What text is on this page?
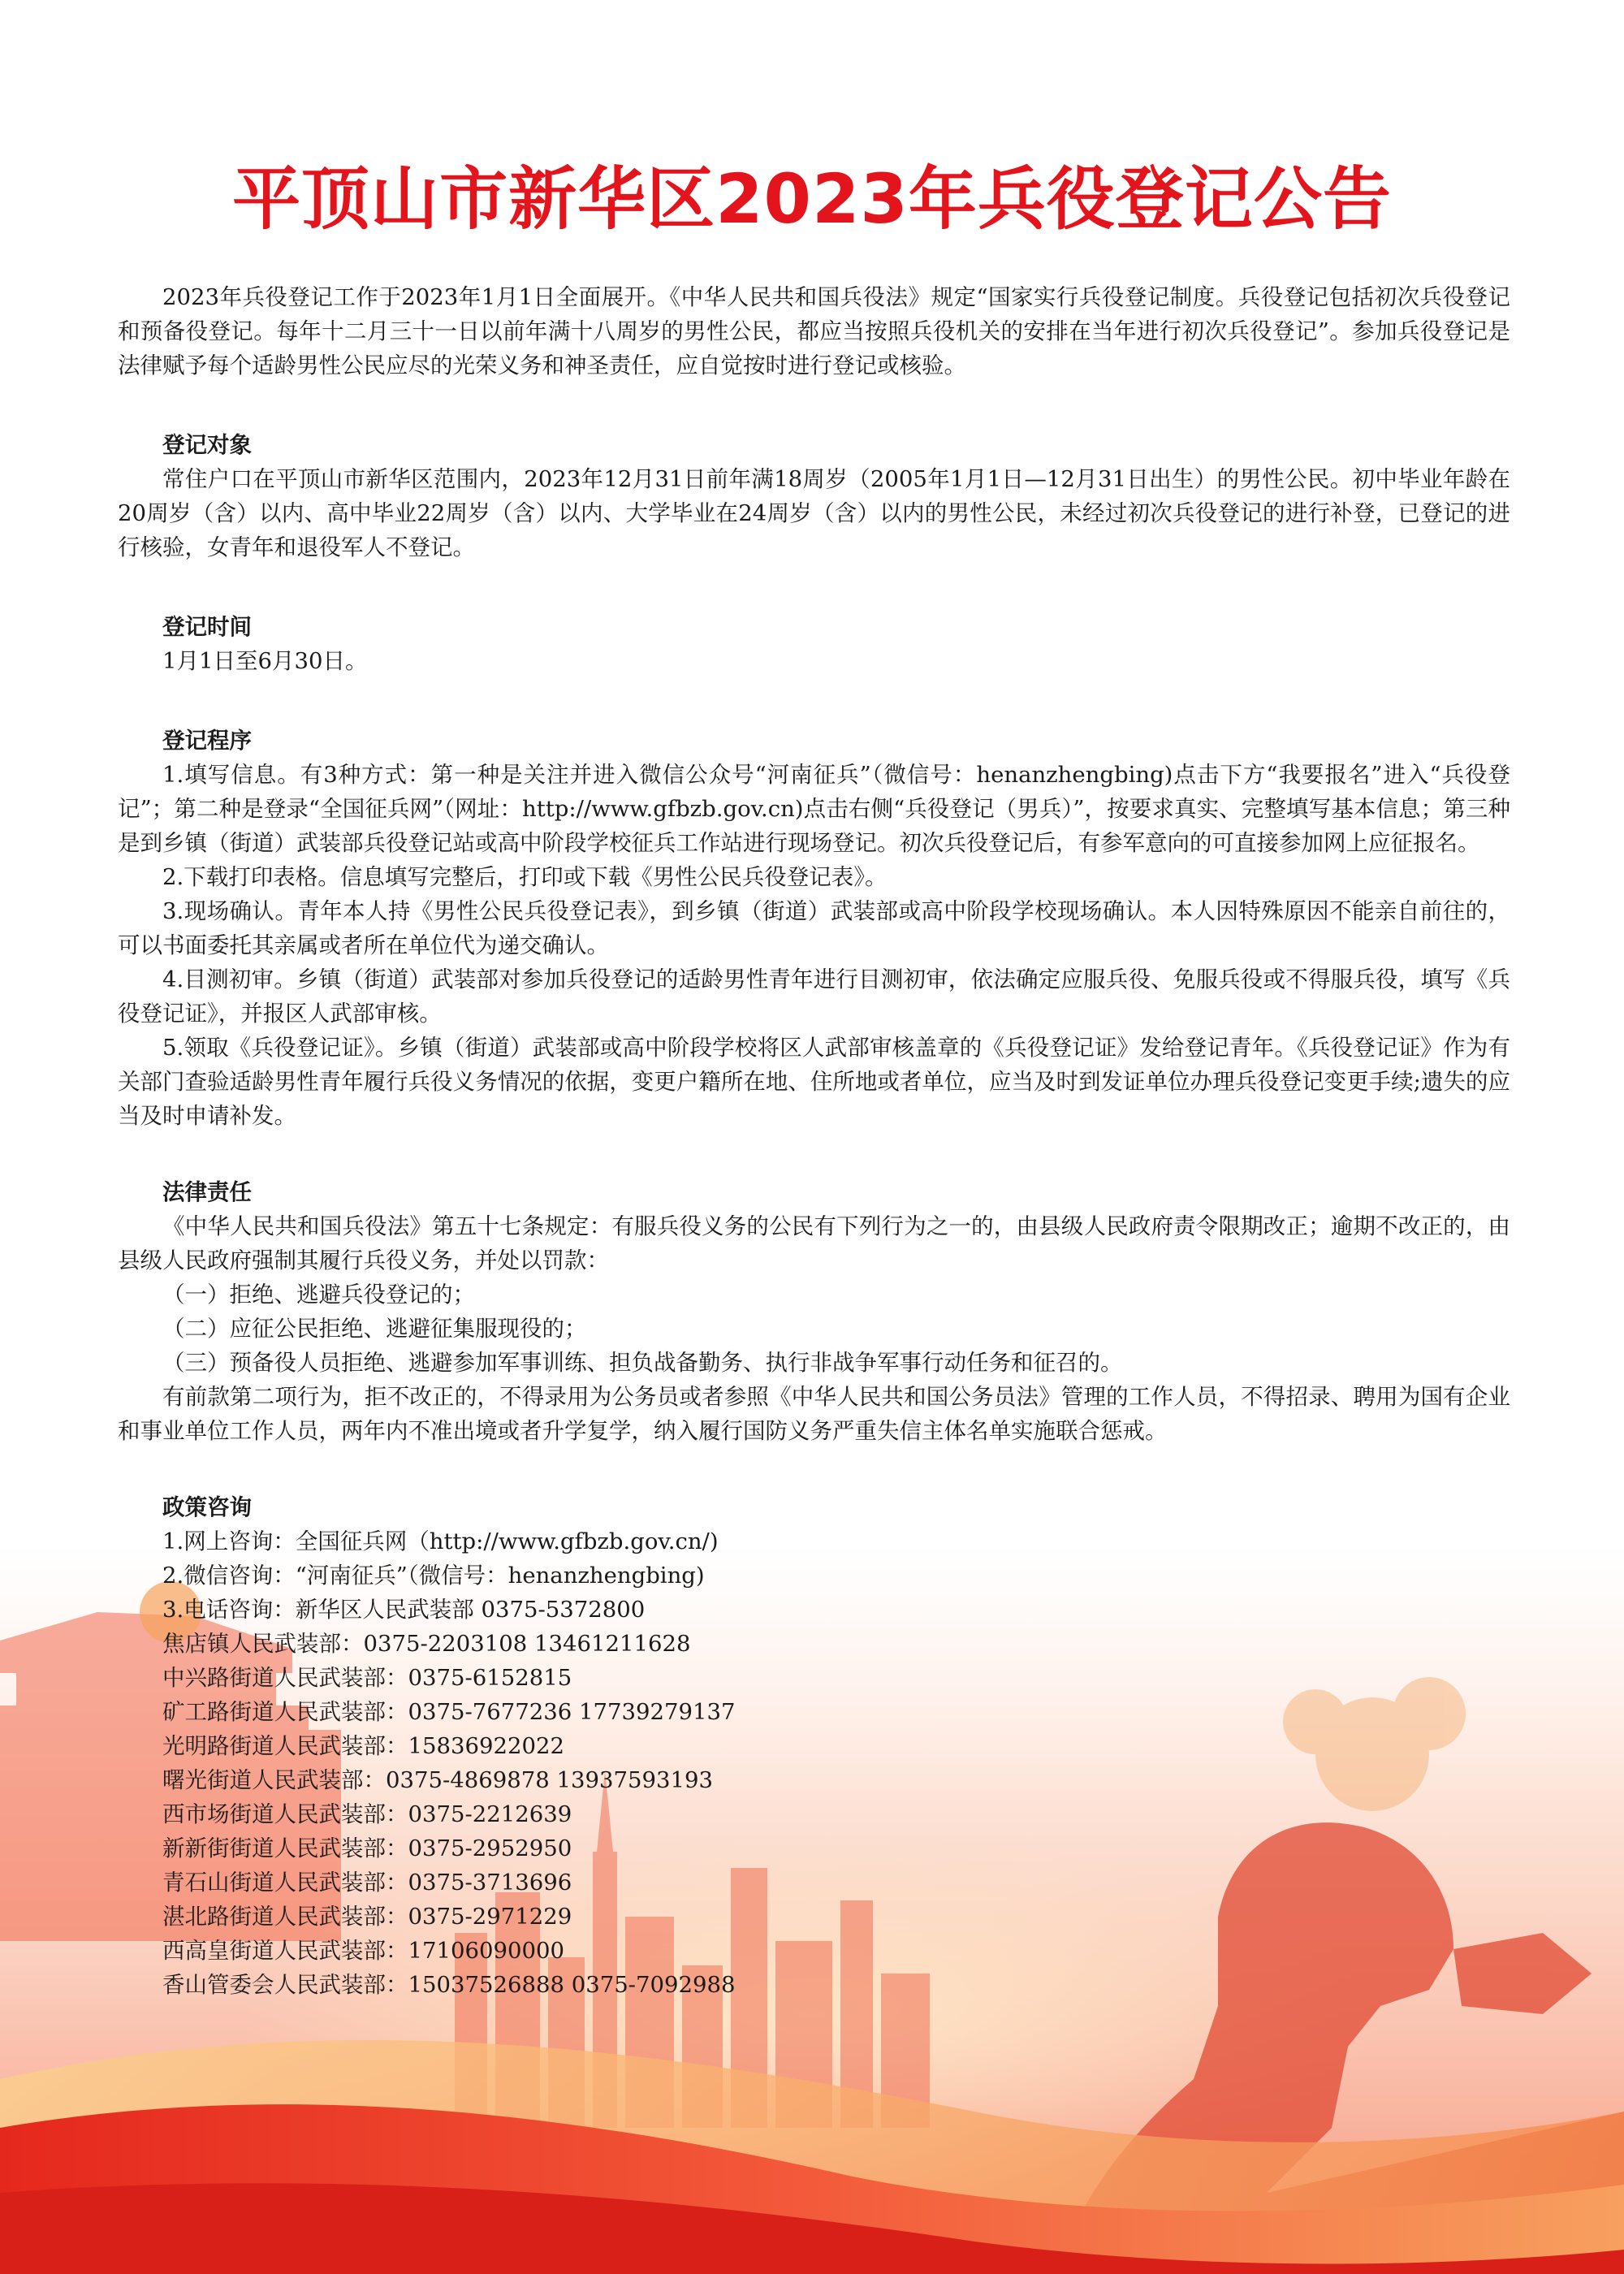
平顶山市新华区2023年兵役登记公告

2023年兵役登记工作于2023年1月1日全面展开。《中华人民共和国兵役法》规定“国家实行兵役登记制度。兵役登记包括初次兵役登记和预备役登记。每年十二月三十一日以前年满十八周岁的男性公民，都应当按照兵役机关的安排在当年进行初次兵役登记”。参加兵役登记是法律赋予每个适龄男性公民应尽的光荣义务和神圣责任，应自觉按时进行登记或核验。

登记对象

常住户口在平顶山市新华区范围内，2023年12月31日前年满18周岁（2005年1月1日—12月31日出生）的男性公民。初中毕业年龄在20周岁（含）以内、高中毕业22周岁（含）以内、大学毕业在24周岁（含）以内的男性公民，未经过初次兵役登记的进行补登，已登记的进行核验，女青年和退役军人不登记。

登记时间

1月1日至6月30日。

登记程序

1.填写信息。有3种方式：第一种是关注并进入微信公众号“河南征兵”（微信号：henanzhengbing)点击下方“我要报名”进入“兵役登记”；第二种是登录“全国征兵网”（网址：http://www.gfbzb.gov.cn)点击右侧“兵役登记（男兵）”，按要求真实、完整填写基本信息；第三种是到乡镇（街道）武装部兵役登记站或高中阶段学校征兵工作站进行现场登记。初次兵役登记后，有参军意向的可直接参加网上应征报名。

2.下载打印表格。信息填写完整后，打印或下载《男性公民兵役登记表》。

3.现场确认。青年本人持《男性公民兵役登记表》，到乡镇（街道）武装部或高中阶段学校现场确认。本人因特殊原因不能亲自前往的，可以书面委托其亲属或者所在单位代为递交确认。

4.目测初审。乡镇（街道）武装部对参加兵役登记的适龄男性青年进行目测初审，依法确定应服兵役、免服兵役或不得服兵役，填写《兵役登记证》，并报区人武部审核。

5.领取《兵役登记证》。乡镇（街道）武装部或高中阶段学校将区人武部审核盖章的《兵役登记证》发给登记青年。《兵役登记证》作为有关部门查验适龄男性青年履行兵役义务情况的依据，变更户籍所在地、住所地或者单位，应当及时到发证单位办理兵役登记变更手续;遗失的应当及时申请补发。

法律责任

《中华人民共和国兵役法》第五十七条规定：有服兵役义务的公民有下列行为之一的，由县级人民政府责令限期改正；逾期不改正的，由县级人民政府强制其履行兵役义务，并处以罚款：

（一）拒绝、逃避兵役登记的；

（二）应征公民拒绝、逃避征集服现役的；

（三）预备役人员拒绝、逃避参加军事训练、担负战备勤务、执行非战争军事行动任务和征召的。

有前款第二项行为，拒不改正的，不得录用为公务员或者参照《中华人民共和国公务员法》管理的工作人员，不得招录、聘用为国有企业和事业单位工作人员，两年内不准出境或者升学复学，纳入履行国防义务严重失信主体名单实施联合惩戒。

政策咨询

1.网上咨询：全国征兵网（http://www.gfbzb.gov.cn/)

2.微信咨询：“河南征兵”（微信号：henanzhengbing)

3.电话咨询：新华区人民武装部 0375-5372800

焦店镇人民武装部：0375-2203108 13461211628

中兴路街道人民武装部：0375-6152815

矿工路街道人民武装部：0375-7677236 17739279137

光明路街道人民武装部：15836922022

曙光街道人民武装部：0375-4869878 13937593193

西市场街道人民武装部：0375-2212639

新新街街道人民武装部：0375-2952950

青石山街道人民武装部：0375-3713696

湛北路街道人民武装部：0375-2971229

西高皇街道人民武装部：17106090000

香山管委会人民武装部：15037526888 0375-7092988
